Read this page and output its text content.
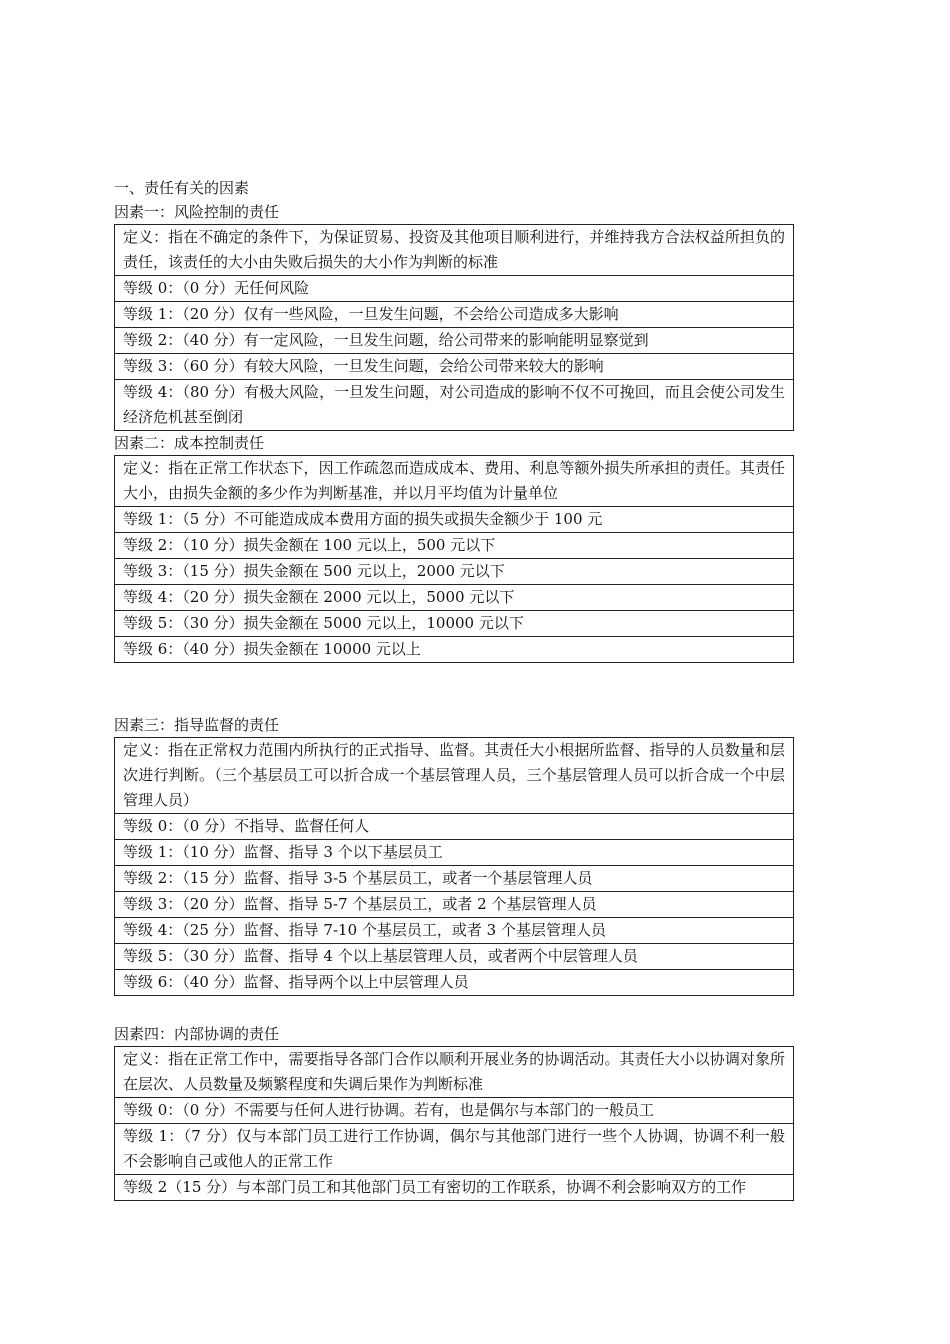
一、责任有关的因素
因素一：风险控制的责任
定义：指在不确定的条件下，为保证贸易、投资及其他项目顺利进行，并维持我方合法权益所担负的责任，该责任的大小由失败后损失的大小作为判断的标准
等级 0：（0 分）无任何风险
等级 1：（20 分）仅有一些风险，一旦发生问题，不会给公司造成多大影响
等级 2：（40 分）有一定风险，一旦发生问题，给公司带来的影响能明显察觉到
等级 3：（60 分）有较大风险，一旦发生问题，会给公司带来较大的影响
等级 4：（80 分）有极大风险，一旦发生问题，对公司造成的影响不仅不可挽回，而且会使公司发生经济危机甚至倒闭
因素二：成本控制责任
定义：指在正常工作状态下，因工作疏忽而造成成本、费用、利息等额外损失所承担的责任。其责任大小，由损失金额的多少作为判断基准，并以月平均值为计量单位
等级 1：（5 分）不可能造成成本费用方面的损失或损失金额少于 100 元
等级 2：（10 分）损失金额在 100 元以上，500 元以下
等级 3：（15 分）损失金额在 500 元以上，2000 元以下
等级 4：（20 分）损失金额在 2000 元以上，5000 元以下
等级 5：（30 分）损失金额在 5000 元以上，10000 元以下
等级 6：（40 分）损失金额在 10000 元以上
因素三：指导监督的责任
定义：指在正常权力范围内所执行的正式指导、监督。其责任大小根据所监督、指导的人员数量和层次进行判断。（三个基层员工可以折合成一个基层管理人员，三个基层管理人员可以折合成一个中层管理人员）
等级 0：（0 分）不指导、监督任何人
等级 1：（10 分）监督、指导 3 个以下基层员工
等级 2：（15 分）监督、指导 3-5 个基层员工，或者一个基层管理人员
等级 3：（20 分）监督、指导 5-7 个基层员工，或者 2 个基层管理人员
等级 4：（25 分）监督、指导 7-10 个基层员工，或者 3 个基层管理人员
等级 5：（30 分）监督、指导 4 个以上基层管理人员，或者两个中层管理人员
等级 6：（40 分）监督、指导两个以上中层管理人员
因素四：内部协调的责任
定义：指在正常工作中，需要指导各部门合作以顺利开展业务的协调活动。其责任大小以协调对象所在层次、人员数量及频繁程度和失调后果作为判断标准
等级 0：（0 分）不需要与任何人进行协调。若有，也是偶尔与本部门的一般员工
等级 1：（7 分）仅与本部门员工进行工作协调，偶尔与其他部门进行一些个人协调，协调不利一般不会影响自己或他人的正常工作
等级 2（15 分）与本部门员工和其他部门员工有密切的工作联系，协调不利会影响双方的工作
